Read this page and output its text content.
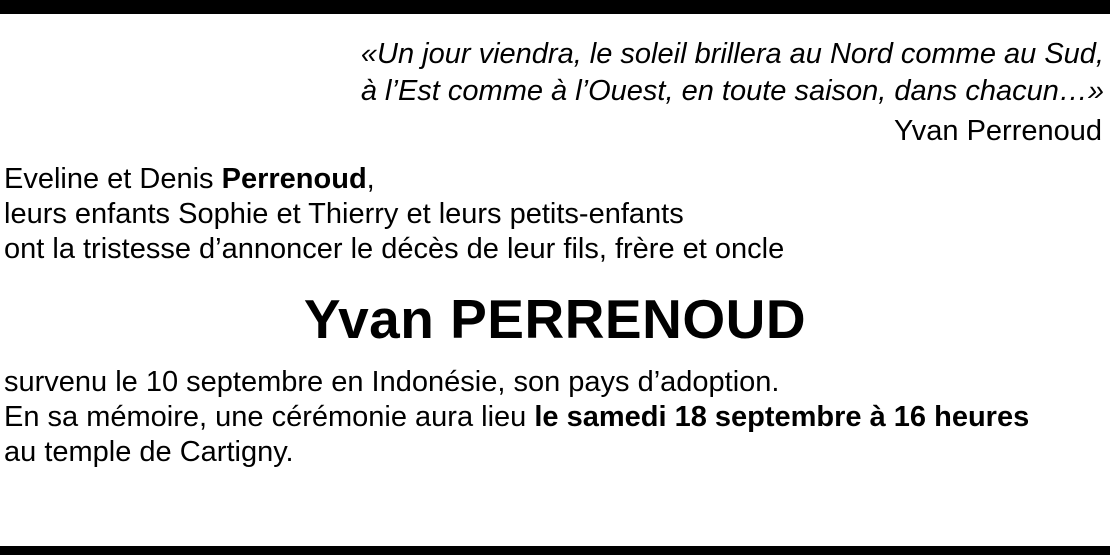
«Un jour viendra, le soleil brillera au Nord comme au Sud,
à l’Est comme à l’Ouest, en toute saison, dans chacun…»
Yvan Perrenoud
Eveline et Denis Perrenoud,
leurs enfants Sophie et Thierry et leurs petits-enfants
ont la tristesse d’annoncer le décès de leur fils, frère et oncle
Yvan PERRENOUD
survenu le 10 septembre en Indonésie, son pays d’adoption.
En sa mémoire, une cérémonie aura lieu le samedi 18 septembre à 16 heures
au temple de Cartigny.
